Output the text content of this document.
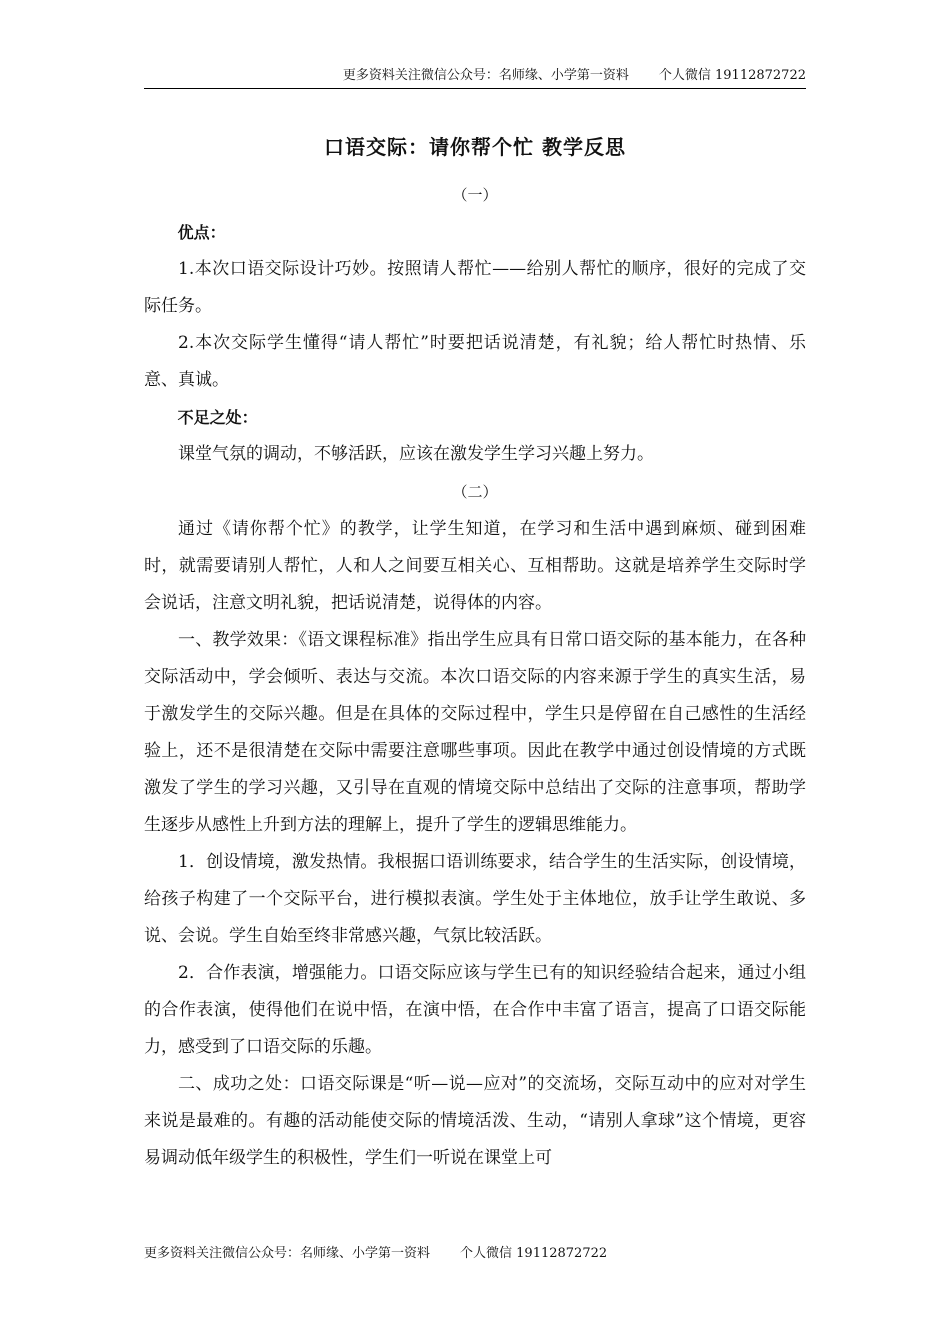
更多资料关注微信公众号：名师缘、小学第一资料 个人微信 19112872722
口语交际：请你帮个忙 教学反思
（一）

优点：

1.本次口语交际设计巧妙。按照请人帮忙——给别人帮忙的顺序，很好的完成了交际任务。

2.本次交际学生懂得“请人帮忙”时要把话说清楚，有礼貌；给人帮忙时热情、乐意、真诚。

不足之处：

课堂气氛的调动，不够活跃，应该在激发学生学习兴趣上努力。

（二）

通过《请你帮个忙》的教学，让学生知道，在学习和生活中遇到麻烦、碰到困难时，就需要请别人帮忙，人和人之间要互相关心、互相帮助。这就是培养学生交际时学会说话，注意文明礼貌，把话说清楚，说得体的内容。

一、教学效果：《语文课程标准》指出学生应具有日常口语交际的基本能力，在各种交际活动中，学会倾听、表达与交流。本次口语交际的内容来源于学生的真实生活，易于激发学生的交际兴趣。但是在具体的交际过程中，学生只是停留在自己感性的生活经验上，还不是很清楚在交际中需要注意哪些事项。因此在教学中通过创设情境的方式既激发了学生的学习兴趣，又引导在直观的情境交际中总结出了交际的注意事项，帮助学生逐步从感性上升到方法的理解上，提升了学生的逻辑思维能力。

1．创设情境，激发热情。我根据口语训练要求，结合学生的生活实际，创设情境，给孩子构建了一个交际平台，进行模拟表演。学生处于主体地位，放手让学生敢说、多说、会说。学生自始至终非常感兴趣，气氛比较活跃。

2．合作表演，增强能力。口语交际应该与学生已有的知识经验结合起来，通过小组的合作表演，使得他们在说中悟，在演中悟，在合作中丰富了语言，提高了口语交际能力，感受到了口语交际的乐趣。

二、成功之处：口语交际课是“听—说—应对”的交流场，交际互动中的应对对学生来说是最难的。有趣的活动能使交际的情境活泼、生动，“请别人拿球”这个情境，更容易调动低年级学生的积极性，学生们一听说在课堂上可

更多资料关注微信公众号：名师缘、小学第一资料 个人微信 19112872722
